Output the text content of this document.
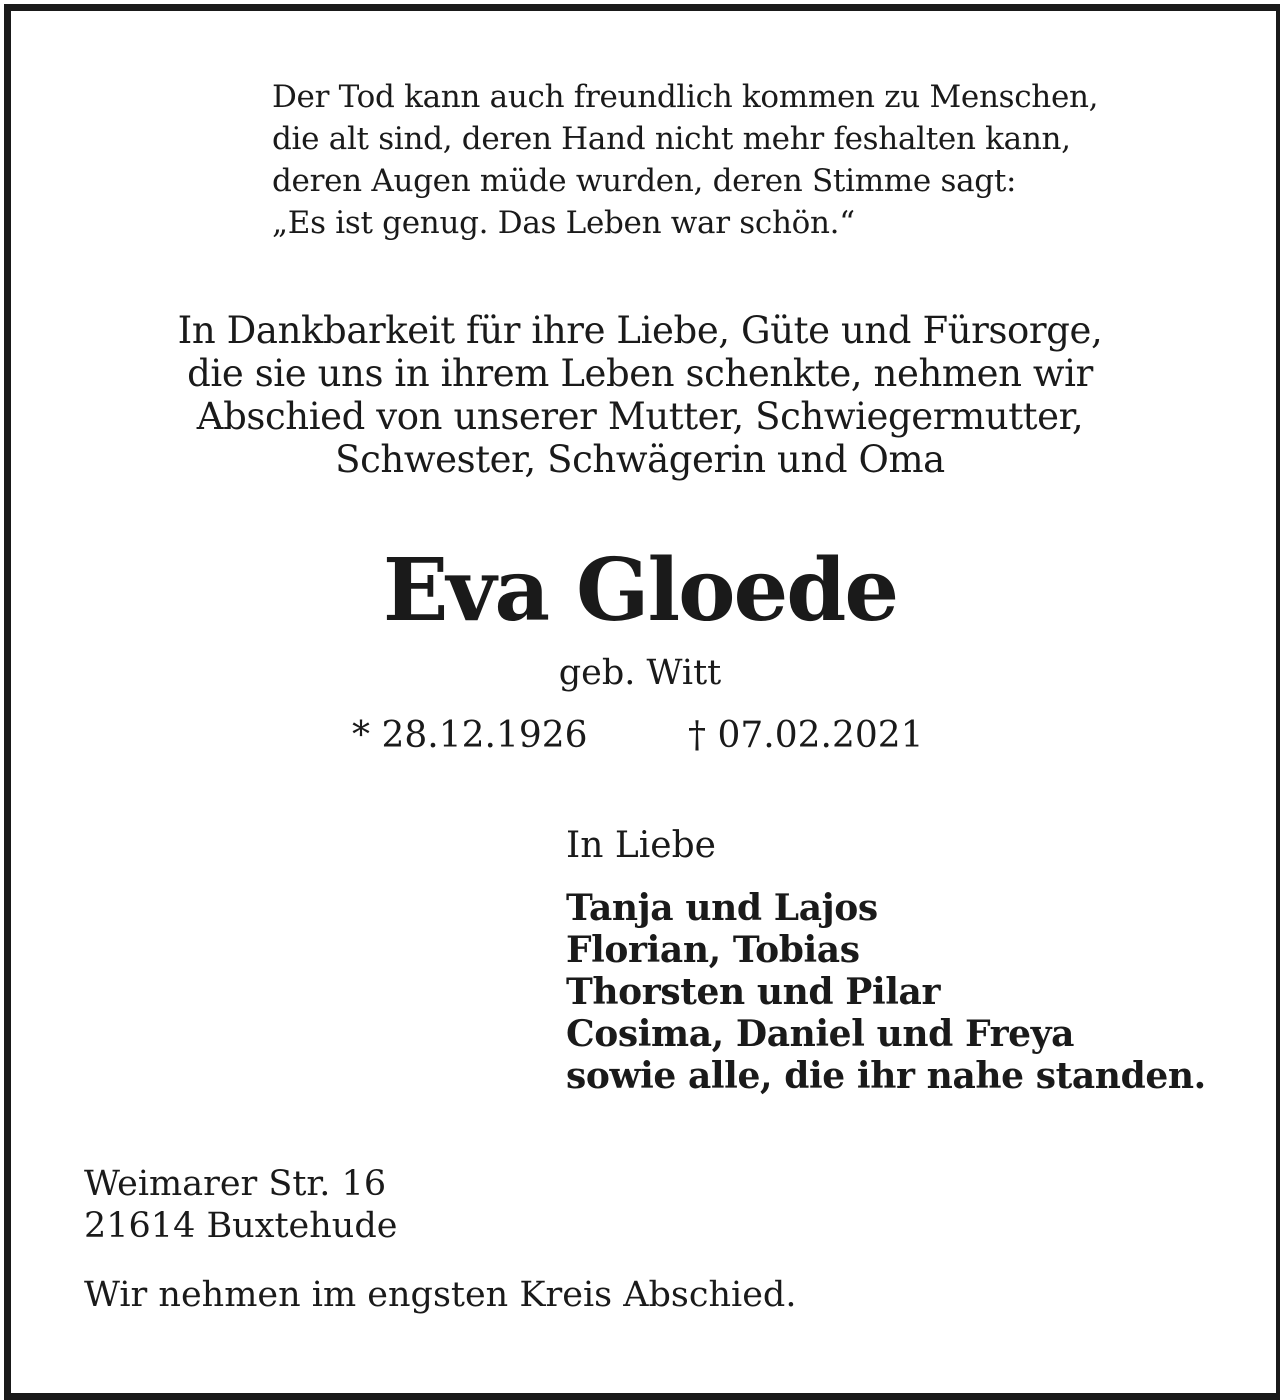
Der Tod kann auch freundlich kommen zu Menschen,

die alt sind, deren Hand nicht mehr feshalten kann,

deren Augen müde wurden, deren Stimme sagt:

„Es ist genug. Das Leben war schön.“

In Dankbarkeit für ihre Liebe, Güte und Fürsorge,

die sie uns in ihrem Leben schenkte, nehmen wir

Abschied von unserer Mutter, Schwiegermutter,

Schwester, Schwägerin und Oma

Eva Gloede

geb. Witt

* 28.12.1926	† 07.02.2021

In Liebe

Tanja und Lajos

Florian, Tobias

Thorsten und Pilar

Cosima, Daniel und Freya

sowie alle, die ihr nahe standen.

Weimarer Str. 16

21614 Buxtehude

Wir nehmen im engsten Kreis Abschied.
